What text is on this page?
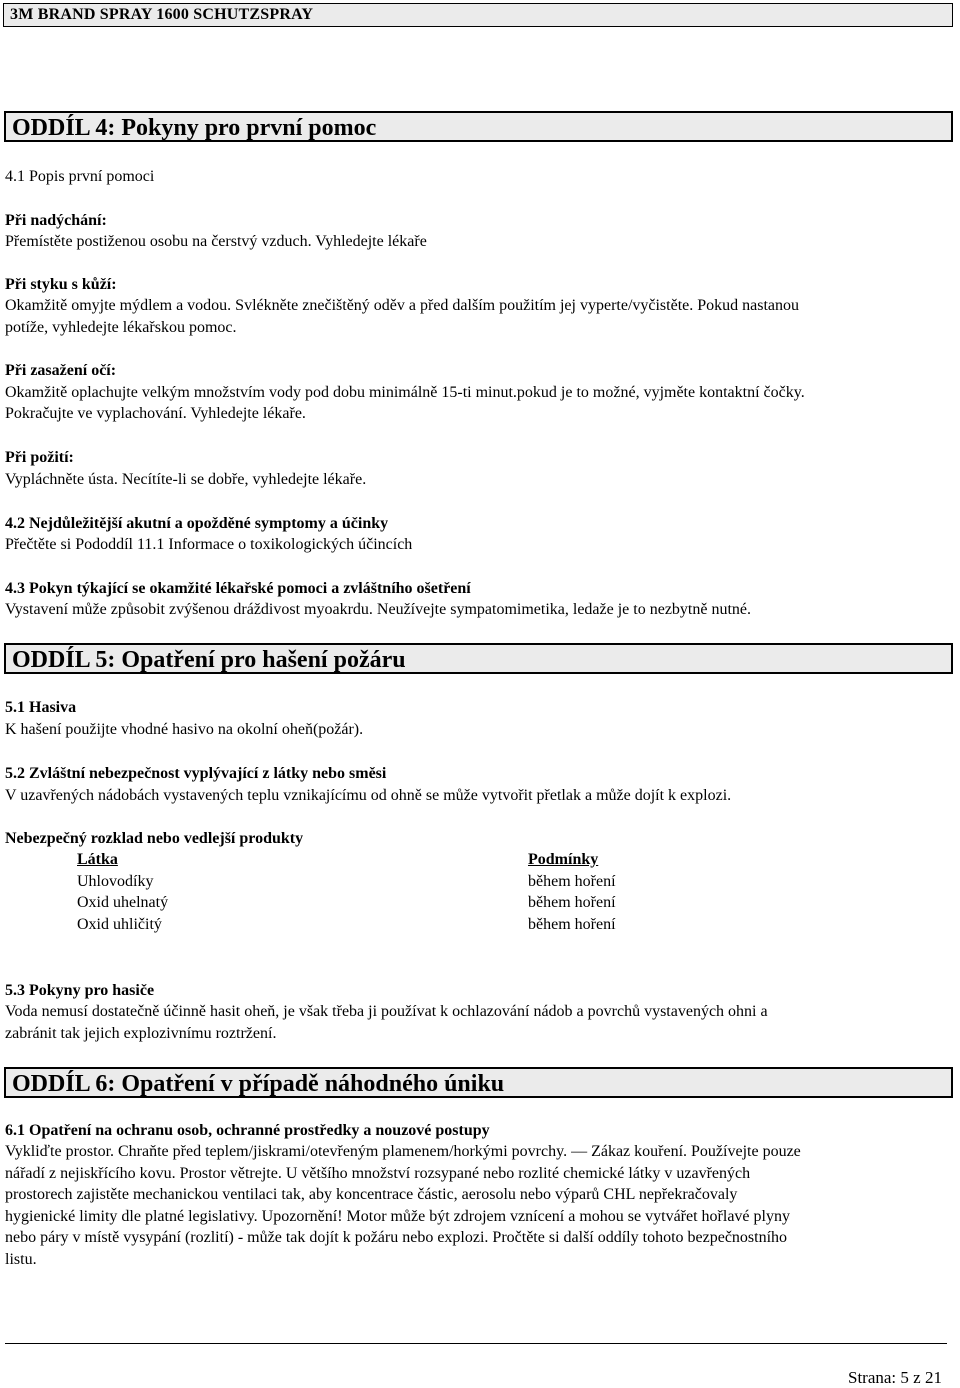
3M BRAND SPRAY 1600 SCHUTZSPRAY
ODDÍL 4: Pokyny pro první pomoc
4.1 Popis první pomoci
Při nadýchání:
Přemístěte postiženou osobu na čerstvý vzduch. Vyhledejte lékaře
Při styku s kůží:
Okamžitě omyjte mýdlem a vodou. Svlékněte znečištěný oděv a před dalším použitím jej vyperte/vyčistěte. Pokud nastanou
potíže, vyhledejte lékařskou pomoc.
Při zasažení očí:
Okamžitě oplachujte velkým množstvím vody pod dobu minimálně 15-ti minut.pokud je to možné, vyjměte kontaktní čočky.
Pokračujte ve vyplachování. Vyhledejte lékaře.
Při požití:
Vypláchněte ústa. Necítíte-li se dobře, vyhledejte lékaře.
4.2 Nejdůležitější akutní a opožděné symptomy a účinky
Přečtěte si Pododdíl 11.1 Informace o toxikologických účincích
4.3 Pokyn týkající se okamžité lékařské pomoci a zvláštního ošetření
Vystavení může způsobit zvýšenou dráždivost myoakrdu. Neužívejte sympatomimetika, ledaže je to nezbytně nutné.
ODDÍL 5: Opatření pro hašení požáru
5.1 Hasiva
K hašení použijte vhodné hasivo na okolní oheň(požár).
5.2 Zvláštní nebezpečnost vyplývající z látky nebo směsi
V uzavřených nádobách vystavených teplu vznikajícímu od ohně se může vytvořit přetlak a může dojít k explozi.
Nebezpečný rozklad nebo vedlejší produkty
Látka	Podmínky
Uhlovodíky	během hoření
Oxid uhelnatý	během hoření
Oxid uhličitý	během hoření
5.3 Pokyny pro hasiče
Voda nemusí dostatečně účinně hasit oheň, je však třeba ji používat k ochlazování nádob a povrchů vystavených ohni a
zabránit tak jejich explozivnímu roztržení.
ODDÍL 6: Opatření v případě náhodného úniku
6.1 Opatření na ochranu osob, ochranné prostředky a nouzové postupy
Vykliďte prostor. Chraňte před teplem/jiskrami/otevřeným plamenem/horkými povrchy. — Zákaz kouření. Používejte pouze
nářadí z nejiskřícího kovu. Prostor větrejte. U většího množství rozsypané nebo rozlité chemické látky v uzavřených
prostorech zajistěte mechanickou ventilaci tak, aby koncentrace částic, aerosolu nebo výparů CHL nepřekračovaly
hygienické limity dle platné legislativy. Upozornění! Motor může být zdrojem vznícení a mohou se vytvářet hořlavé plyny
nebo páry v místě vysypání (rozlití) - může tak dojít k požáru nebo explozi. Pročtěte si další oddíly tohoto bezpečnostního
listu.
Strana: 5 z 21
